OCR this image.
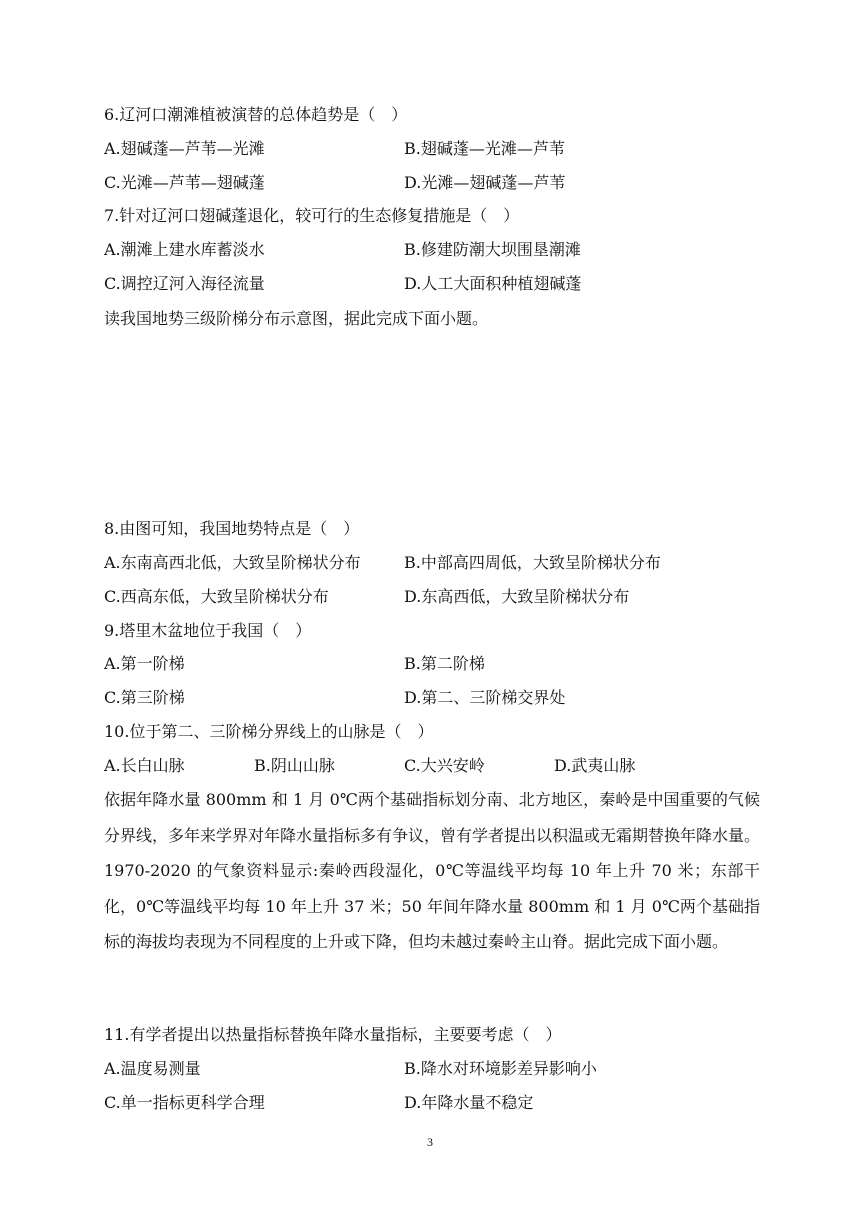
6.辽河口潮滩植被演替的总体趋势是（　）
A.翅碱蓬—芦苇—光滩	B.翅碱蓬—光滩—芦苇
C.光滩—芦苇—翅碱蓬	D.光滩—翅碱蓬—芦苇
7.针对辽河口翅碱蓬退化，较可行的生态修复措施是（　）
A.潮滩上建水库蓄淡水	B.修建防潮大坝围垦潮滩
C.调控辽河入海径流量	D.人工大面积种植翅碱蓬
读我国地势三级阶梯分布示意图，据此完成下面小题。
8.由图可知，我国地势特点是（　）
A.东南高西北低，大致呈阶梯状分布	B.中部高四周低，大致呈阶梯状分布
C.西高东低，大致呈阶梯状分布	D.东高西低，大致呈阶梯状分布
9.塔里木盆地位于我国（　）
A.第一阶梯	B.第二阶梯
C.第三阶梯	D.第二、三阶梯交界处
10.位于第二、三阶梯分界线上的山脉是（　）
A.长白山脉	B.阴山山脉	C.大兴安岭	D.武夷山脉
依据年降水量 800mm 和 1 月 0℃两个基础指标划分南、北方地区，秦岭是中国重要的气候分界线，多年来学界对年降水量指标多有争议，曾有学者提出以积温或无霜期替换年降水量。1970-2020 的气象资料显示:秦岭西段湿化，0℃等温线平均每 10 年上升 70 米；东部干化，0℃等温线平均每 10 年上升 37 米；50 年间年降水量 800mm 和 1 月 0℃两个基础指标的海拔均表现为不同程度的上升或下降，但均未越过秦岭主山脊。据此完成下面小题。
11.有学者提出以热量指标替换年降水量指标，主要要考虑（　）
A.温度易测量	B.降水对环境影差异影响小
C.单一指标更科学合理	D.年降水量不稳定
3
